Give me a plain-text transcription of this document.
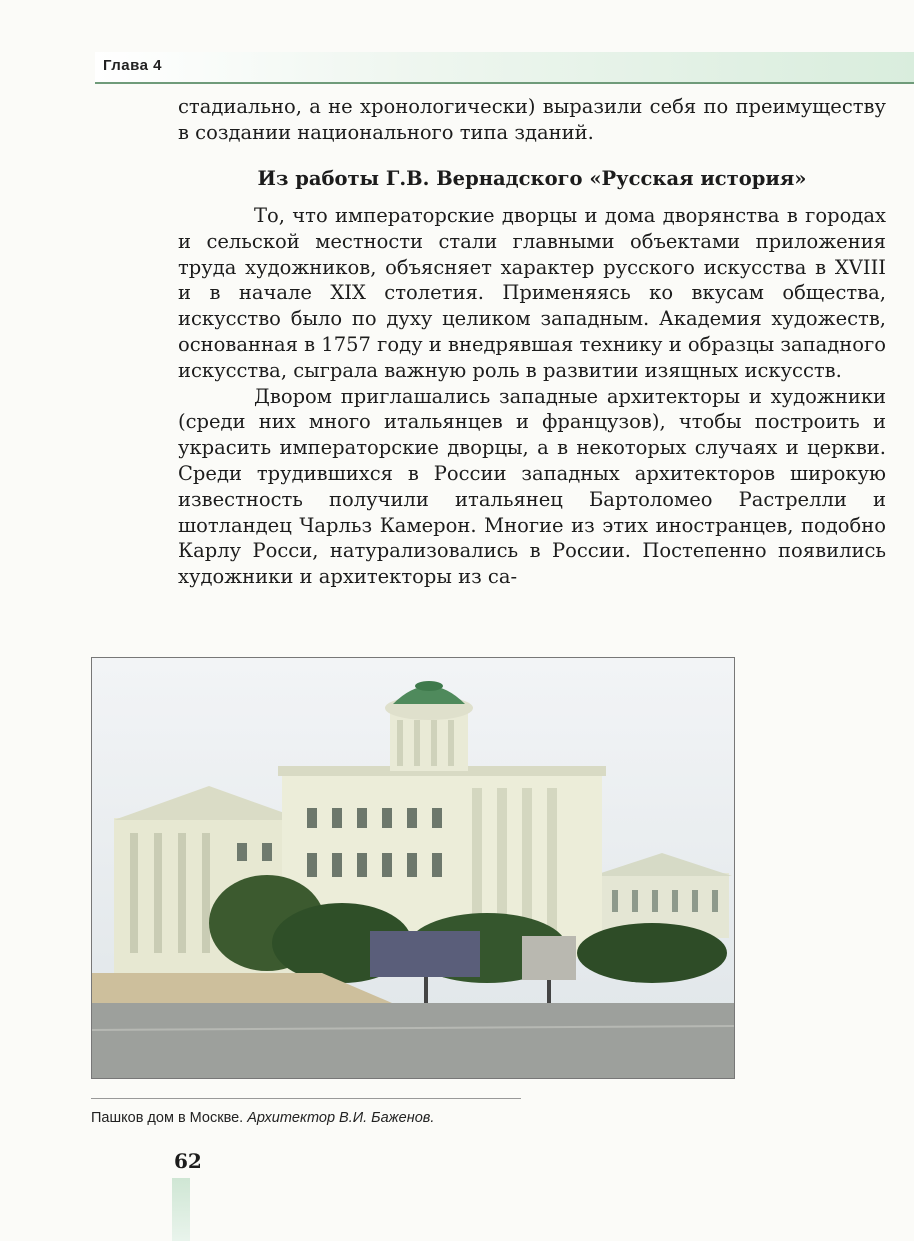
Глава 4

стадиально, а не хронологически) выразили себя по преимуществу в создании национального типа зданий.

Из работы Г.В. Вернадского «Русская история»

То, что императорские дворцы и дома дворянства в городах и сельской местности стали главными объектами приложения труда художников, объясняет характер русского искусства в XVIII и в начале XIX столетия. Применяясь ко вкусам общества, искусство было по духу целиком западным. Академия художеств, основанная в 1757 году и внедрявшая технику и образцы западного искусства, сыграла важную роль в развитии изящных искусств.

Двором приглашались западные архитекторы и художники (среди них много итальянцев и французов), чтобы построить и украсить императорские дворцы, а в некоторых случаях и церкви. Среди трудившихся в России западных архитекторов широкую известность получили итальянец Бартоломео Растрелли и шотландец Чарльз Камерон. Многие из этих иностранцев, подобно Карлу Росси, натурализовались в России. Постепенно появились художники и архитекторы из са-

Пашков дом в Москве. Архитектор В.И. Баженов.
62
